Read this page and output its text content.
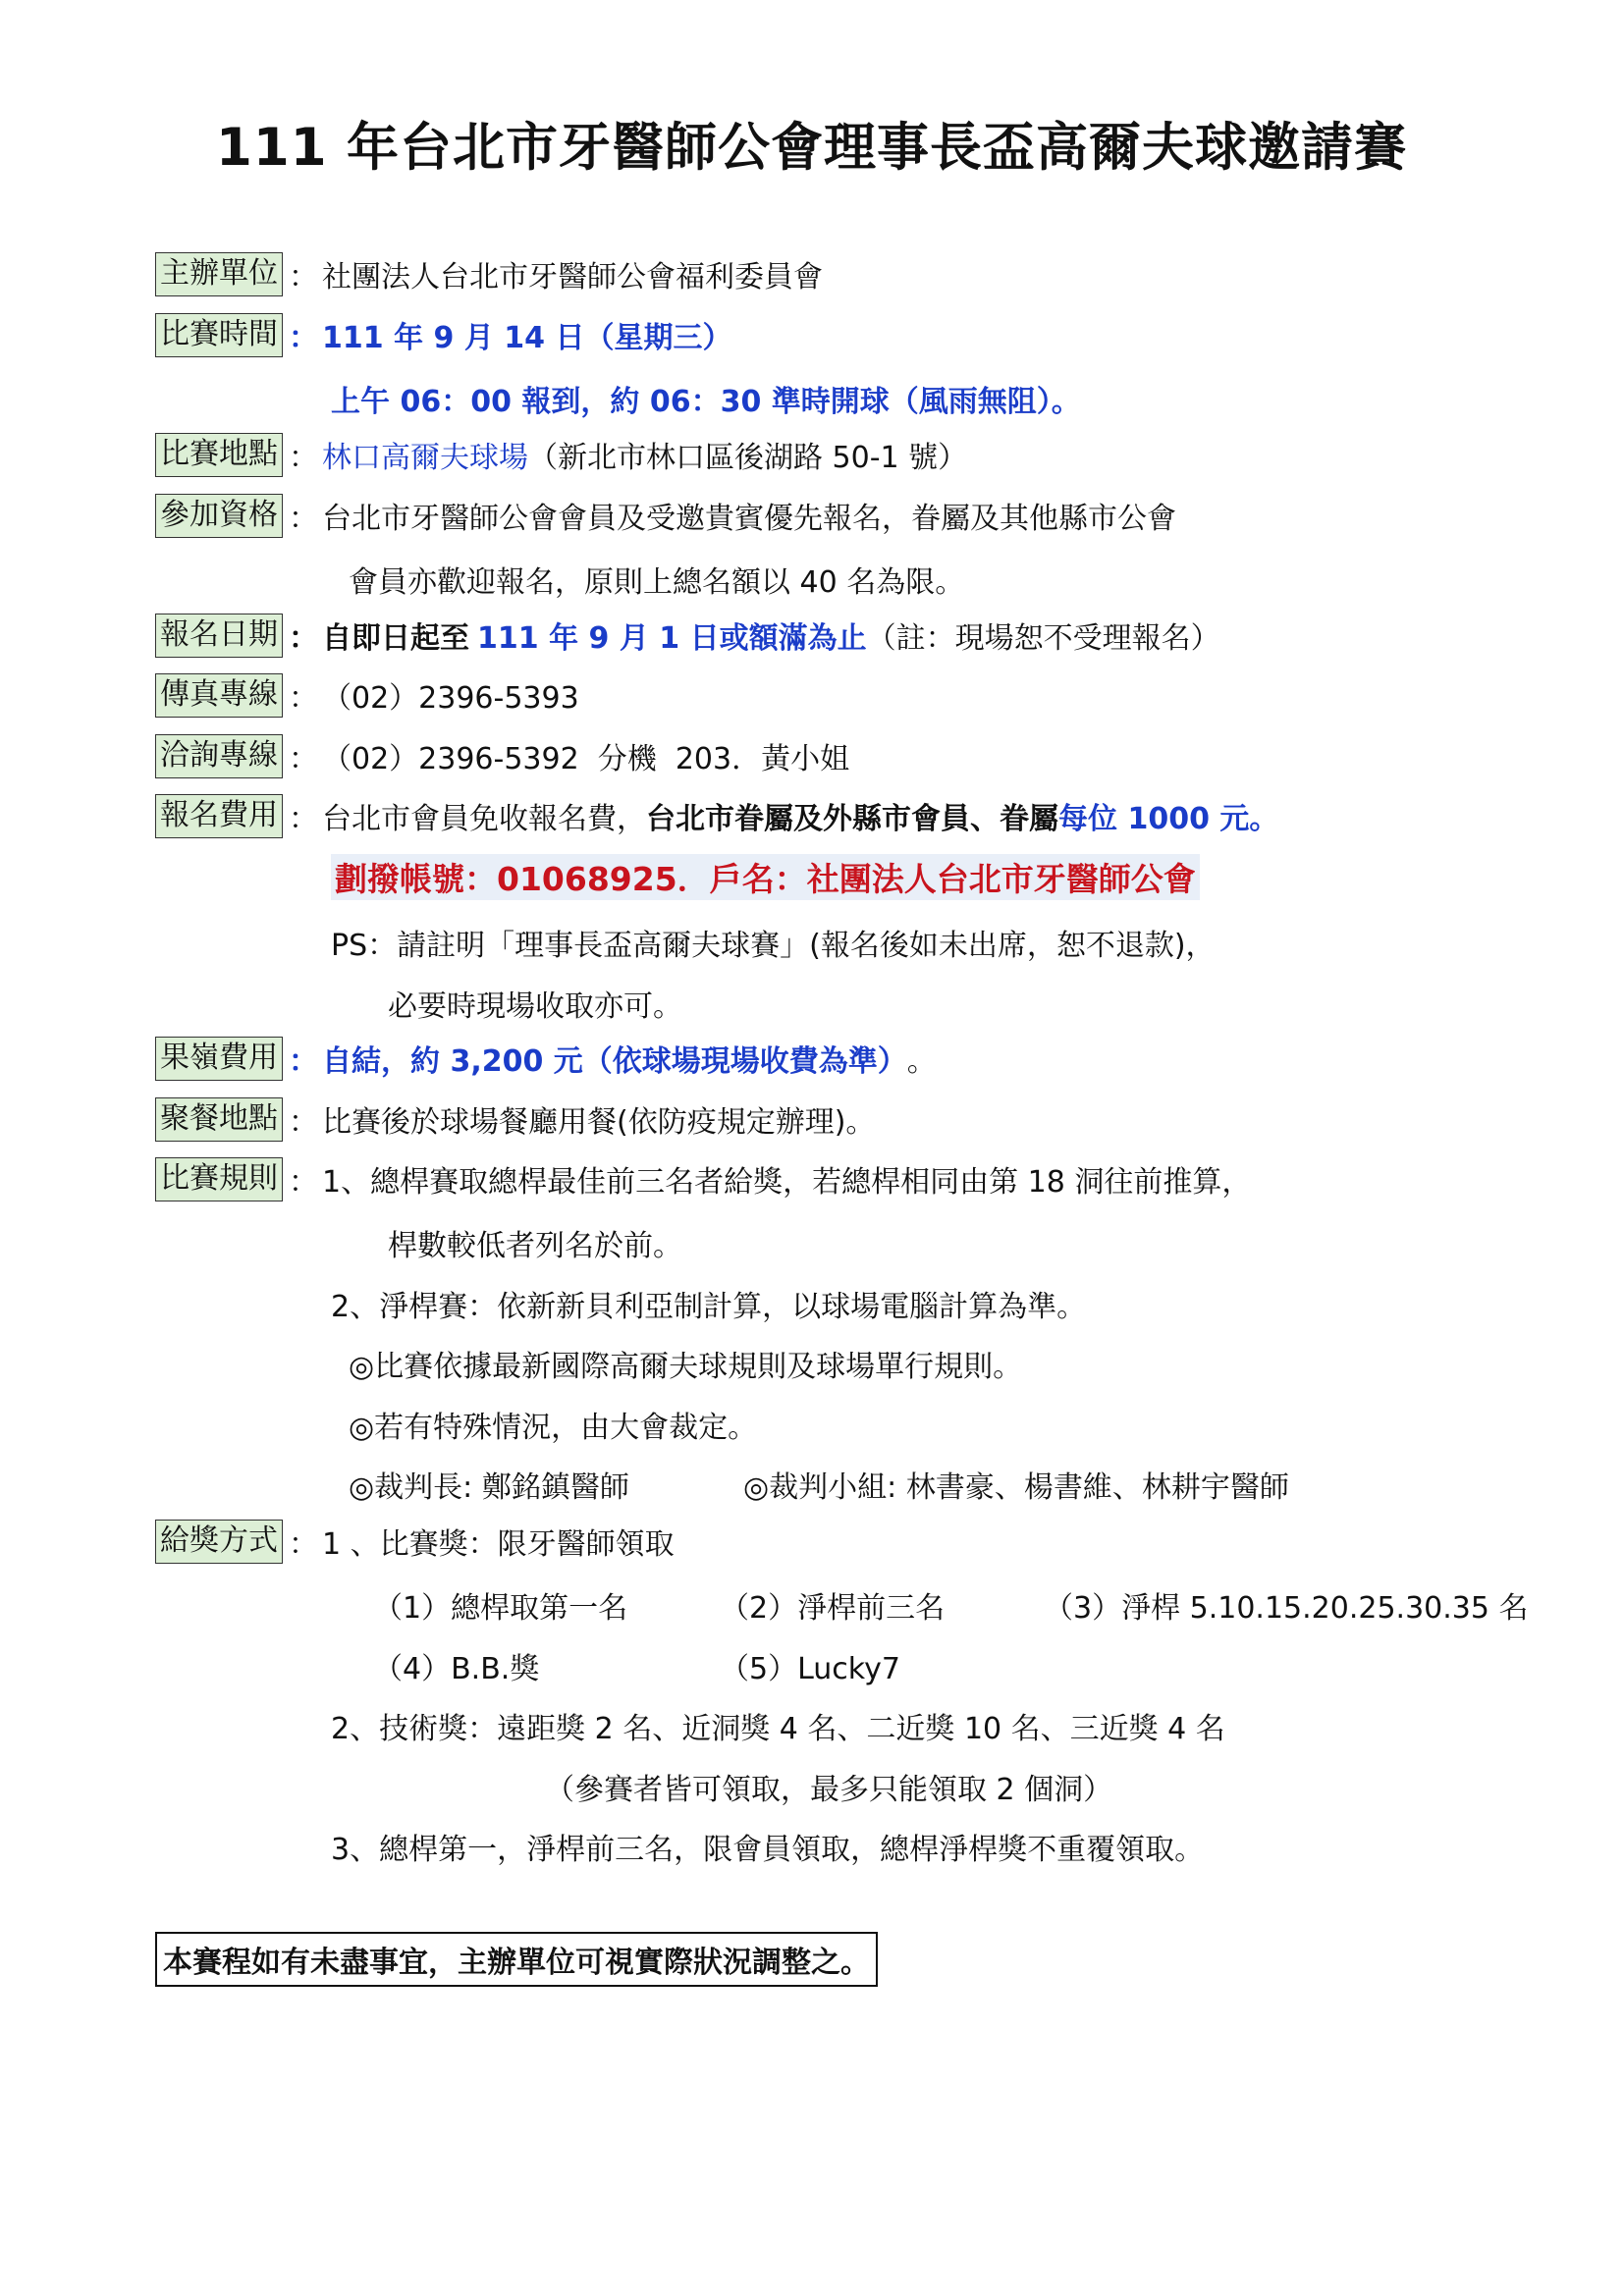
111 年台北市牙醫師公會理事長盃高爾夫球邀請賽
主辦單位 ： 社團法人台北市牙醫師公會福利委員會
比賽時間 ： 111 年 9 月 14 日（星期三）
上午 06：00 報到，約 06：30 準時開球（風雨無阻）。
比賽地點 ： 林口高爾夫球場 （新北市林口區後湖路 50-1 號）
參加資格 ： 台北市牙醫師公會會員及受邀貴賓優先報名，眷屬及其他縣市公會
會員亦歡迎報名，原則上總名額以 40 名為限。
報名日期 ： 自即日起至 111 年 9 月 1 日或額滿為止 （註：現場恕不受理報名）
傳真專線 ： （02）2396-5393
洽詢專線 ： （02）2396-5392  分機  203．黃小姐
報名費用 ： 台北市會員免收報名費， 台北市眷屬及外縣市會員、眷屬 每位 1000 元。
劃撥帳號：01068925．戶名：社團法人台北市牙醫師公會
PS：請註明「理事長盃高爾夫球賽」(報名後如未出席，恕不退款)，
必要時現場收取亦可。
果嶺費用 ： 自結，約 3,200 元（依球場現場收費為準） 。
聚餐地點 ： 比賽後於球場餐廳用餐(依防疫規定辦理)。
比賽規則 ： 1、總桿賽取總桿最佳前三名者給獎，若總桿相同由第 18 洞往前推算，
桿數較低者列名於前。
2、淨桿賽：依新新貝利亞制計算，以球場電腦計算為準。
◎比賽依據最新國際高爾夫球規則及球場單行規則。
◎若有特殊情況，由大會裁定。
◎裁判長: 鄭銘鎮醫師	◎裁判小組: 林書豪、楊書維、林耕宇醫師
給獎方式 ： 1 、比賽獎：限牙醫師領取
（1）總桿取第一名	（2）淨桿前三名	（3）淨桿 5.10.15.20.25.30.35 名
（4）B.B.獎	（5）Lucky7
2、技術獎：遠距獎 2 名、近洞獎 4 名、二近獎 10 名、三近獎 4 名
（參賽者皆可領取，最多只能領取 2 個洞）
3、總桿第一，淨桿前三名，限會員領取，總桿淨桿獎不重覆領取。
本賽程如有未盡事宜，主辦單位可視實際狀況調整之。
